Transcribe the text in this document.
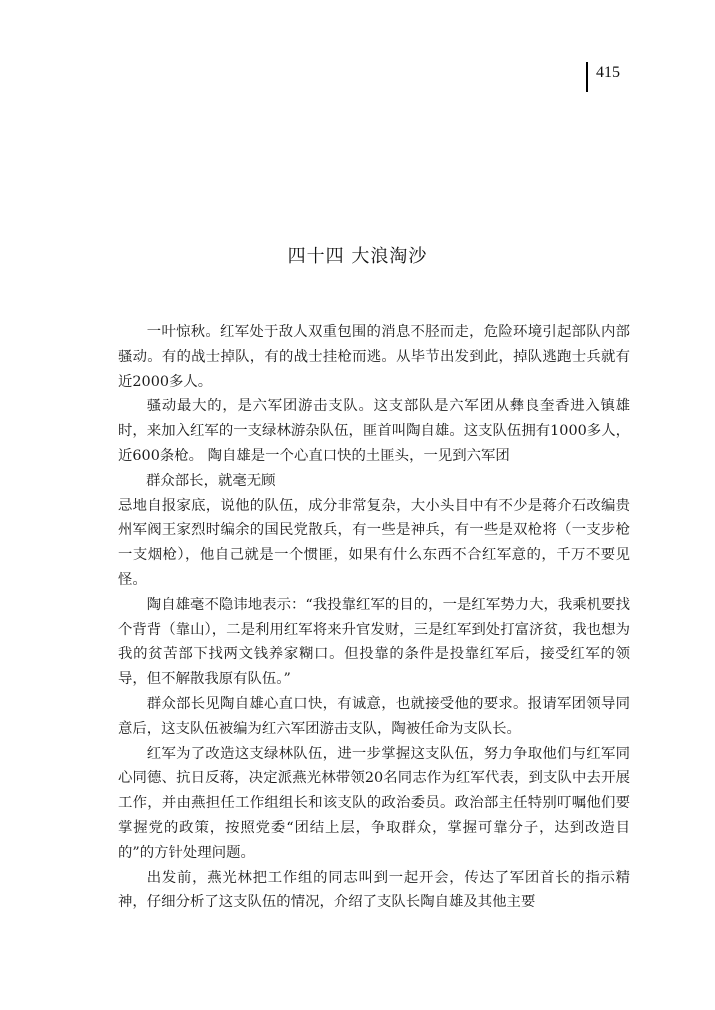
415
四十四 大浪淘沙

一叶惊秋。红军处于敌人双重包围的消息不胫而走，危险环境引起部队内部骚动。有的战士掉队，有的战士挂枪而逃。从毕节出发到此，掉队逃跑士兵就有近2000多人。

骚动最大的，是六军团游击支队。这支部队是六军团从彝良奎香进入镇雄时，来加入红军的一支绿林游杂队伍，匪首叫陶自雄。这支队伍拥有1000多人，近600条枪。 陶自雄是一个心直口快的土匪头，一见到六军团

群众部长，就毫无顾

忌地自报家底，说他的队伍，成分非常复杂，大小头目中有不少是蒋介石改编贵州军阀王家烈时编余的国民党散兵，有一些是神兵，有一些是双枪将（一支步枪一支烟枪），他自己就是一个惯匪，如果有什么东西不合红军意的，千万不要见怪。

陶自雄毫不隐讳地表示：“我投靠红军的目的，一是红军势力大，我乘机要找个背背（靠山），二是利用红军将来升官发财，三是红军到处打富济贫，我也想为我的贫苦部下找两文钱养家糊口。但投靠的条件是投靠红军后，接受红军的领导，但不解散我原有队伍。”

群众部长见陶自雄心直口快，有诚意，也就接受他的要求。报请军团领导同意后，这支队伍被编为红六军团游击支队，陶被任命为支队长。

红军为了改造这支绿林队伍，进一步掌握这支队伍，努力争取他们与红军同心同德、抗日反蒋，决定派燕光林带领20名同志作为红军代表，到支队中去开展工作，并由燕担任工作组组长和该支队的政治委员。政治部主任特别叮嘱他们要掌握党的政策，按照党委“团结上层，争取群众，掌握可靠分子，达到改造目的”的方针处理问题。

出发前，燕光林把工作组的同志叫到一起开会，传达了军团首长的指示精神，仔细分析了这支队伍的情况，介绍了支队长陶自雄及其他主要
